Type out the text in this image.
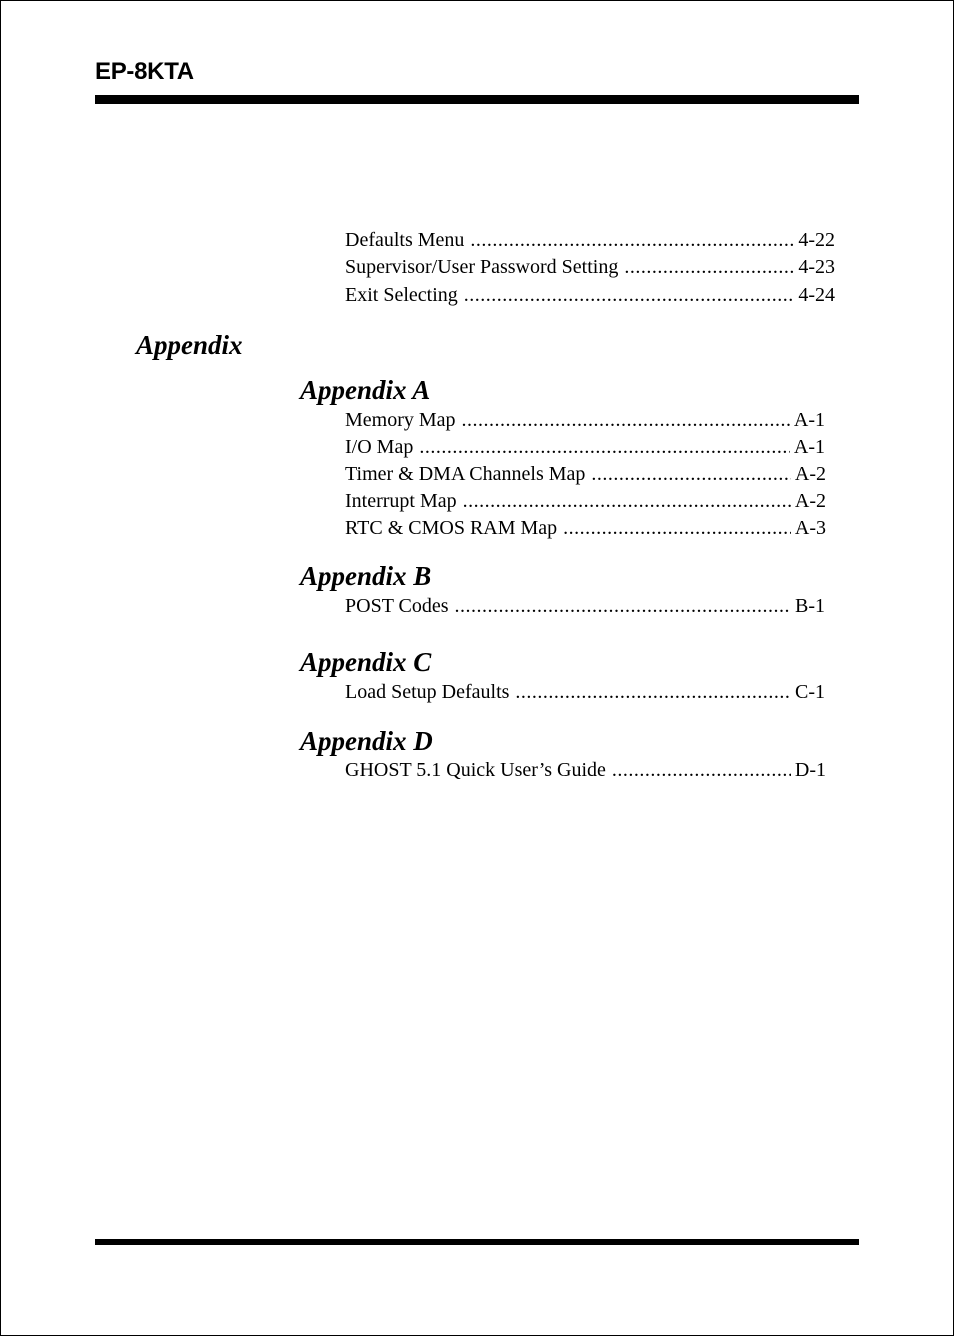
EP-8KTA
Defaults Menu .....	4-22
Supervisor/User Password Setting .....	4-23
Exit Selecting .....	4-24
Appendix
Appendix A
Memory Map .....	A-1
I/O Map .....	A-1
Timer & DMA Channels Map .....	A-2
Interrupt Map .....	A-2
RTC & CMOS RAM Map .....	A-3
Appendix B
POST Codes .....	B-1
Appendix C
Load Setup Defaults .....	C-1
Appendix D
GHOST 5.1 Quick User’s Guide .....	D-1
